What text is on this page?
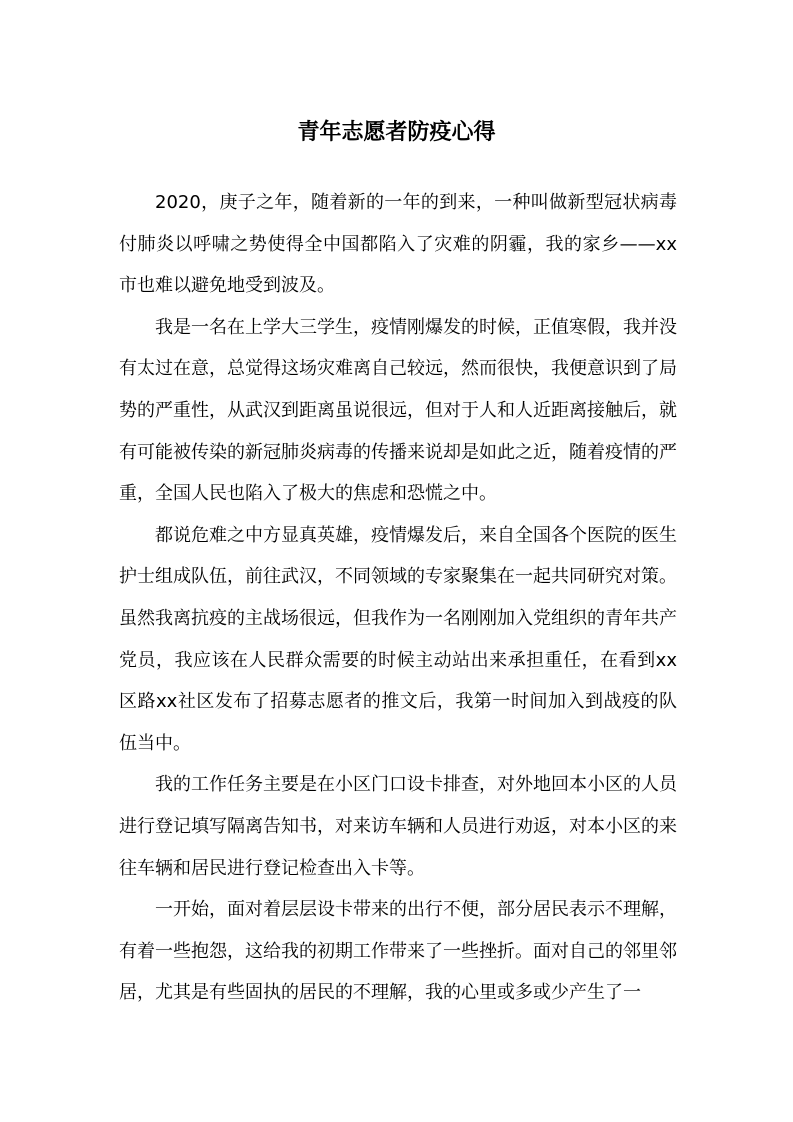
青年志愿者防疫心得

2020，庚子之年，随着新的一年的到来，一种叫做新型冠状病毒付肺炎以呼啸之势使得全中国都陷入了灾难的阴霾，我的家乡——xx市也难以避免地受到波及。

我是一名在上学大三学生，疫情刚爆发的时候，正值寒假，我并没有太过在意，总觉得这场灾难离自己较远，然而很快，我便意识到了局势的严重性，从武汉到距离虽说很远，但对于人和人近距离接触后，就有可能被传染的新冠肺炎病毒的传播来说却是如此之近，随着疫情的严重，全国人民也陷入了极大的焦虑和恐慌之中。

都说危难之中方显真英雄，疫情爆发后，来自全国各个医院的医生护士组成队伍，前往武汉，不同领域的专家聚集在一起共同研究对策。虽然我离抗疫的主战场很远，但我作为一名刚刚加入党组织的青年共产党员，我应该在人民群众需要的时候主动站出来承担重任，在看到xx区路xx社区发布了招募志愿者的推文后，我第一时间加入到战疫的队伍当中。

我的工作任务主要是在小区门口设卡排查，对外地回本小区的人员进行登记填写隔离告知书，对来访车辆和人员进行劝返，对本小区的来往车辆和居民进行登记检查出入卡等。

一开始，面对着层层设卡带来的出行不便，部分居民表示不理解，有着一些抱怨，这给我的初期工作带来了一些挫折。面对自己的邻里邻居，尤其是有些固执的居民的不理解，我的心里或多或少产生了一
